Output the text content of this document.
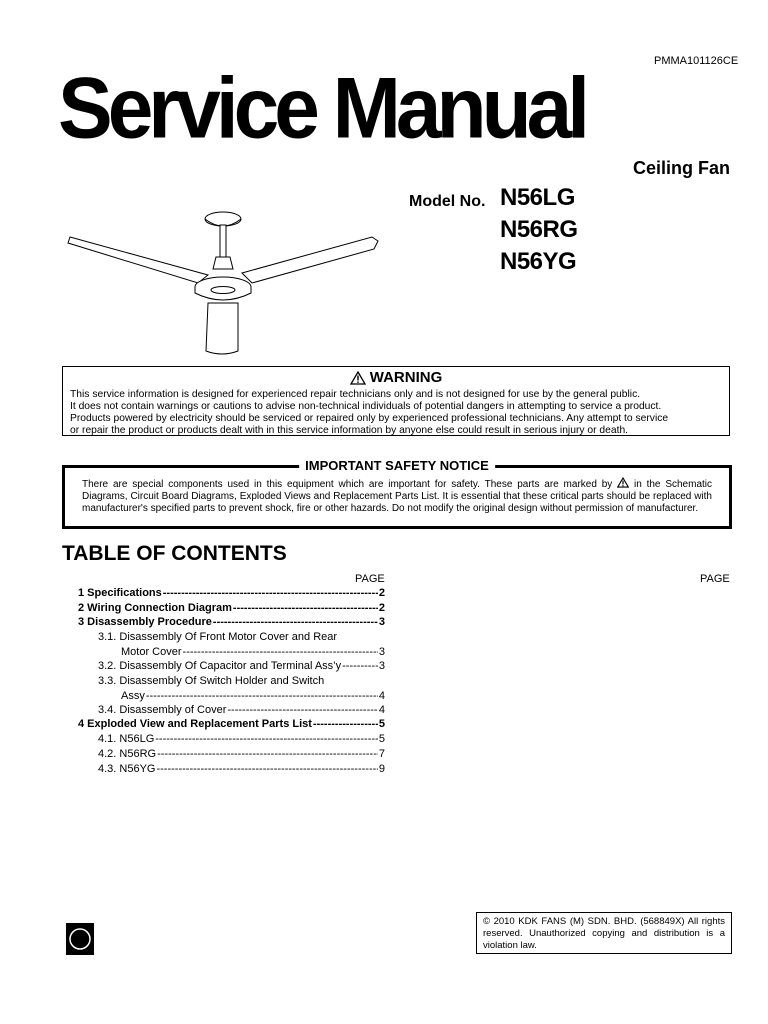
PMMA101126CE
Service Manual
Ceiling Fan
Model No. N56LG
N56RG
N56YG
WARNING
This service information is designed for experienced repair technicians only and is not designed for use by the general public.
It does not contain warnings or cautions to advise non-technical individuals of potential dangers in attempting to service a product.
Products powered by electricity should be serviced or repaired only by experienced professional technicians. Any attempt to service
or repair the product or products dealt with in this service information by anyone else could result in serious injury or death.
IMPORTANT SAFETY NOTICE
There are special components used in this equipment which are important for safety. These parts are marked by in the Schematic Diagrams, Circuit Board Diagrams, Exploded Views and Replacement Parts List. It is essential that these critical parts should be replaced with manufacturer's specified parts to prevent shock, fire or other hazards. Do not modify the original design without permission of manufacturer.
TABLE OF CONTENTS
PAGE	PAGE
1 Specifications -----	2
2 Wiring Connection Diagram -----	2
3 Disassembly Procedure -----	3
3.1. Disassembly Of Front Motor Cover and Rear
Motor Cover -----	3
3.2. Disassembly Of Capacitor and Terminal Ass’y -----	3
3.3. Disassembly Of Switch Holder and Switch
Assy -----	4
3.4. Disassembly of Cover -----	4
4 Exploded View and Replacement Parts List -----	5
4.1. N56LG -----	5
4.2. N56RG -----	7
4.3. N56YG -----	9
© 2010 KDK FANS (M) SDN. BHD. (568849X) All rights reserved. Unauthorized copying and distribution is a violation law.
